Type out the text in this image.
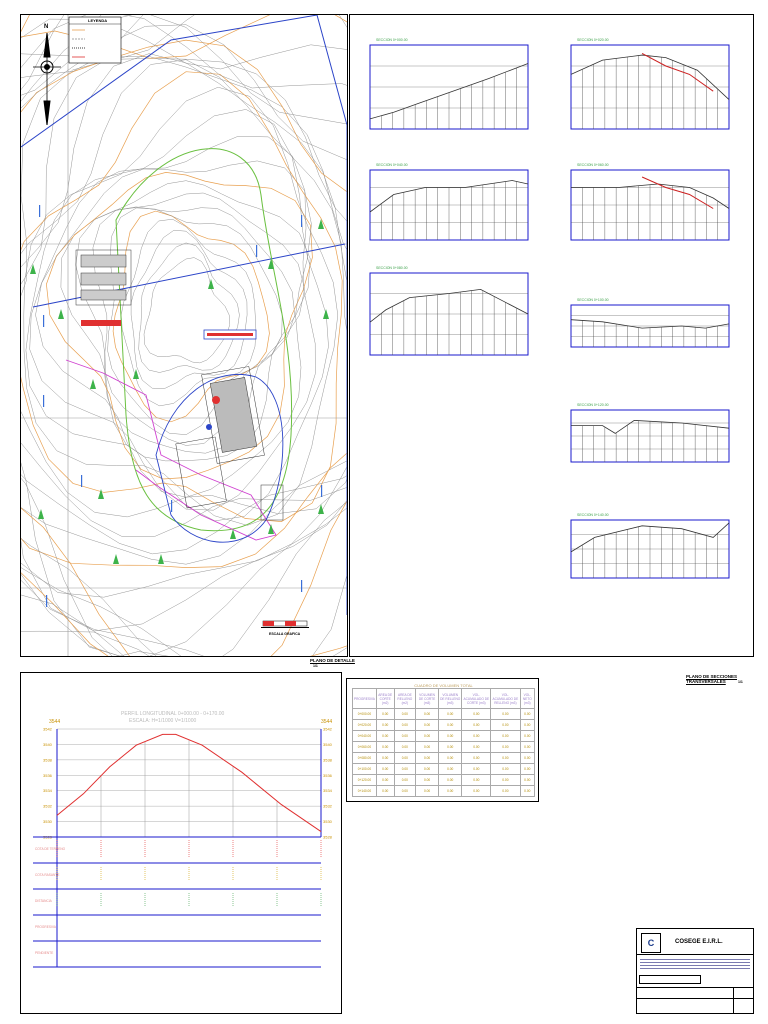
LEYENDA
N
ESCALA GRAFICA
PLANO DE DETALLE
1/1
SECCION 0+000.00	SECCION 0+020.00
SECCION 0+040.00	SECCION 0+060.00
SECCION 0+080.00
SECCION 0+100.00
SECCION 0+120.00
SECCION 0+140.00
PLANO DE SECCIONES TRANSVERSALES	1/1
3542	3542
3540	3540
3538	3538
3536	3536
3534	3534
3532	3532
3530	3530
3528	3528
COTA DE TERRENO
COTA RASANTE
DISTANCIA
PROGRESIVA
PENDIENTE
PERFIL LONGITUDINAL 0+000.00 - 0+170.00
ESCALA: H=1/1000 V=1/1000
3544	3544
CUADRO DE VOLUMEN TOTAL
PROGRESIVA	AREA DE CORTE (m2)	AREA DE RELLENO (m2)	VOLUMEN DE CORTE (m3)	VOLUMEN DE RELLENO (m3)	VOL. ACUMULADO DE CORTE (m3)	VOL. ACUMULADO DE RELLENO (m3)	VOL. NETO (m3)
0+000.00	0.00	0.00	0.00	0.00	0.00	0.00	0.00
0+020.00	0.00	0.00	0.00	0.00	0.00	0.00	0.00
0+040.00	0.00	0.00	0.00	0.00	0.00	0.00	0.00
0+060.00	0.00	0.00	0.00	0.00	0.00	0.00	0.00
0+080.00	0.00	0.00	0.00	0.00	0.00	0.00	0.00
0+100.00	0.00	0.00	0.00	0.00	0.00	0.00	0.00
0+120.00	0.00	0.00	0.00	0.00	0.00	0.00	0.00
0+140.00	0.00	0.00	0.00	0.00	0.00	0.00	0.00
C	COSEGE E.I.R.L.
